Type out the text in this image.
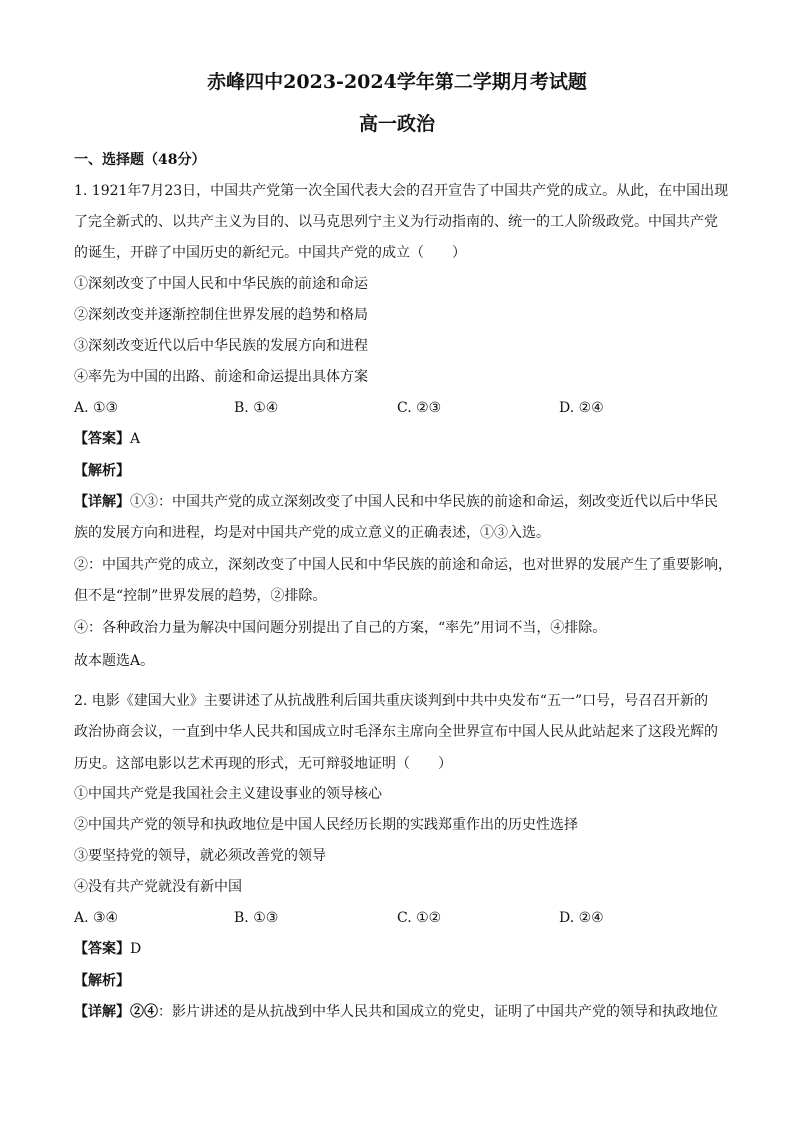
赤峰四中2023-2024学年第二学期月考试题
高一政治

一、选择题（48分）

1. 1921年7月23日，中国共产党第一次全国代表大会的召开宣告了中国共产党的成立。从此，在中国出现

了完全新式的、以共产主义为目的、以马克思列宁主义为行动指南的、统一的工人阶级政党。中国共产党

的诞生，开辟了中国历史的新纪元。中国共产党的成立（　　）

①深刻改变了中国人民和中华民族的前途和命运

②深刻改变并逐渐控制住世界发展的趋势和格局

③深刻改变近代以后中华民族的发展方向和进程

④率先为中国的出路、前途和命运提出具体方案

A. ①③	B. ①④	C. ②③	D. ②④

【答案】A

【解析】

【详解】①③：中国共产党的成立深刻改变了中国人民和中华民族的前途和命运，刻改变近代以后中华民

族的发展方向和进程，均是对中国共产党的成立意义的正确表述，①③入选。

②：中国共产党的成立，深刻改变了中国人民和中华民族的前途和命运，也对世界的发展产生了重要影响，

但不是“控制”世界发展的趋势，②排除。

④：各种政治力量为解决中国问题分别提出了自己的方案，“率先”用词不当，④排除。

故本题选A。

2. 电影《建国大业》主要讲述了从抗战胜利后国共重庆谈判到中共中央发布“五一”口号，号召召开新的

政治协商会议，一直到中华人民共和国成立时毛泽东主席向全世界宣布中国人民从此站起来了这段光辉的

历史。这部电影以艺术再现的形式，无可辩驳地证明（　　）

①中国共产党是我国社会主义建设事业的领导核心

②中国共产党的领导和执政地位是中国人民经历长期的实践郑重作出的历史性选择

③要坚持党的领导，就必须改善党的领导

④没有共产党就没有新中国

A. ③④	B. ①③	C. ①②	D. ②④

【答案】D

【解析】

【详解】②④：影片讲述的是从抗战到中华人民共和国成立的党史，证明了中国共产党的领导和执政地位
